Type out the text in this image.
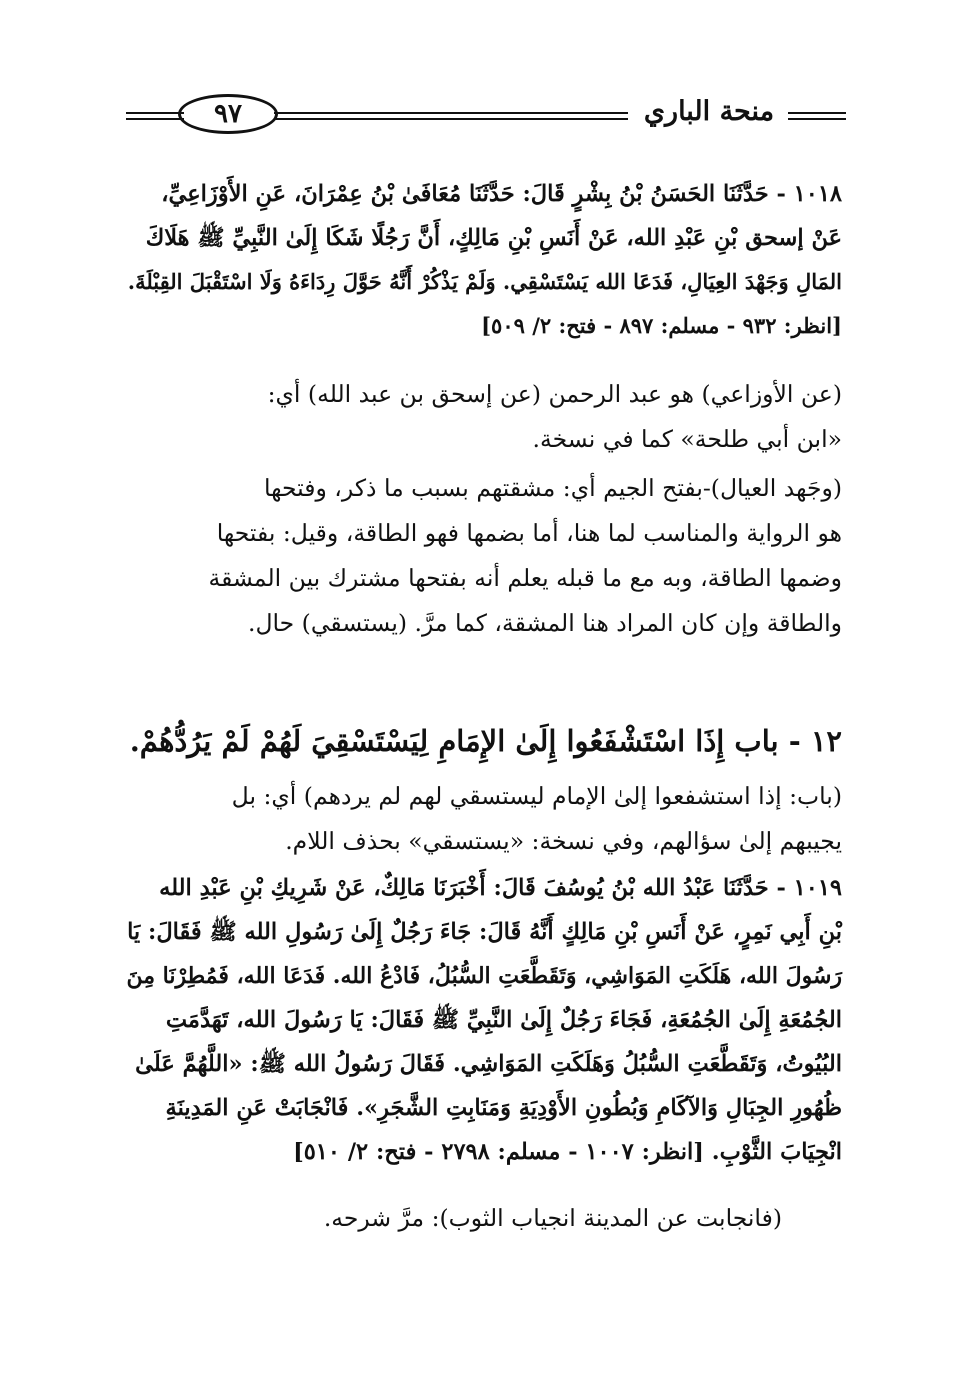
٩٧	منحة الباري
١٠١٨ - حَدَّثَنَا الحَسَنُ بْنُ بِشْرٍ قَالَ: حَدَّثَنَا مُعَافَىٰ بْنُ عِمْرَانَ، عَنِ الأَوْزَاعِيِّ،
عَنْ إسحق بْنِ عَبْدِ الله، عَنْ أَنَسِ بْنِ مَالِكٍ، أَنَّ رَجُلًا شَكَا إِلَىٰ النَّبِيِّ ﷺ هَلَاكَ
المَالِ وَجَهْدَ العِيَالِ، فَدَعَا الله يَسْتَسْقِي. وَلَمْ يَذْكُرْ أَنَّهُ حَوَّلَ رِدَاءَهُ وَلَا اسْتَقْبَلَ القِبْلَةَ.
[انظر: ٩٣٢ - مسلم: ٨٩٧ - فتح: ٢/ ٥٠٩]
(عن الأوزاعي) هو عبد الرحمن (عن إسحق بن عبد الله) أي:
«ابن أبي طلحة» كما في نسخة.
(وجَهد العيال)-بفتح الجيم أي: مشقتهم بسبب ما ذكر، وفتحها
هو الرواية والمناسب لما هنا، أما بضمها فهو الطاقة، وقيل: بفتحها
وضمها الطاقة، وبه مع ما قبله يعلم أنه بفتحها مشترك بين المشقة
والطاقة وإن كان المراد هنا المشقة، كما مرَّ. (يستسقي) حال.
١٢ - باب إِذَا اسْتَشْفَعُوا إِلَىٰ الإِمَامِ لِيَسْتَسْقِيَ لَهُمْ لَمْ يَرُدُّهُمْ.
(باب: إذا استشفعوا إلىٰ الإمام ليستسقي لهم لم يردهم) أي: بل
يجيبهم إلىٰ سؤالهم، وفي نسخة: «يستسقي» بحذف اللام.
١٠١٩ - حَدَّثَنَا عَبْدُ الله بْنُ يُوسُفَ قَالَ: أَخْبَرَنَا مَالِكٌ، عَنْ شَرِيكِ بْنِ عَبْدِ الله
بْنِ أَبِي نَمِرٍ، عَنْ أَنَسِ بْنِ مَالِكٍ أَنَّهُ قَالَ: جَاءَ رَجُلٌ إِلَىٰ رَسُولِ الله ﷺ فَقَالَ: يَا
رَسُولَ الله، هَلَكَتِ المَوَاشِي، وَتَقَطَّعَتِ السُّبُلُ، فَادْعُ الله. فَدَعَا الله، فَمُطِرْنَا مِنَ
الجُمُعَةِ إِلَىٰ الجُمُعَةِ، فَجَاءَ رَجُلٌ إِلَىٰ النَّبِيِّ ﷺ فَقَالَ: يَا رَسُولَ الله، تَهَدَّمَتِ
البُيُوتُ، وَتَقَطَّعَتِ السُّبُلُ وَهَلَكَتِ المَوَاشِي. فَقَالَ رَسُولُ الله ﷺ: «اللَّهُمَّ عَلَىٰ
ظُهُورِ الجِبَالِ وَالآكَامِ وَبُطُونِ الأَوْدِيَةِ وَمَنَابِتِ الشَّجَرِ». فَانْجَابَتْ عَنِ المَدِينَةِ
انْجِيَابَ الثَّوْبِ. [انظر: ١٠٠٧ - مسلم: ٢٧٩٨ - فتح: ٢/ ٥١٠]
(فانجابت عن المدينة انجياب الثوب): مرَّ شرحه.
